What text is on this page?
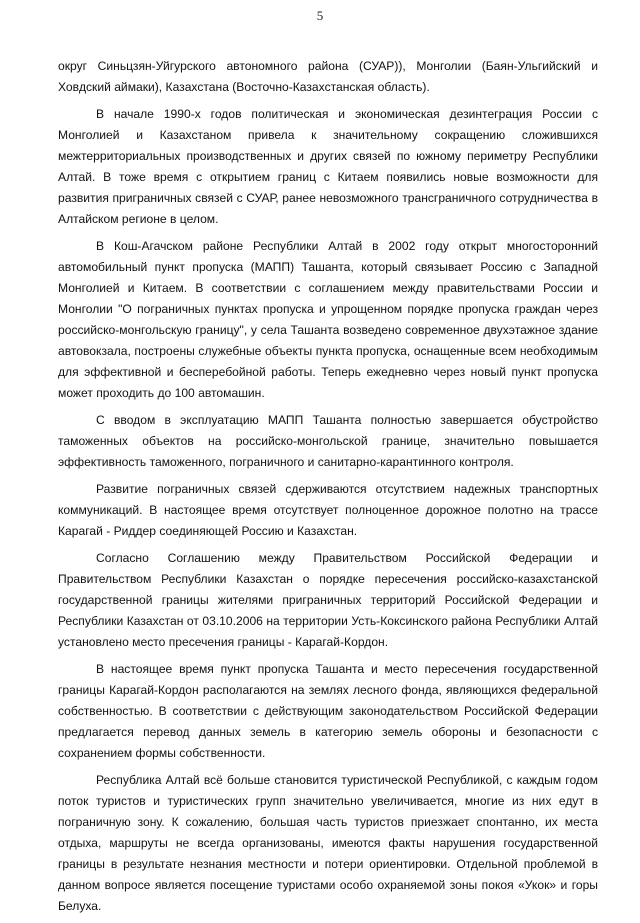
5

округ Синьцзян-Уйгурского автономного района (СУАР)), Монголии (Баян-Ульгийский и Ховдский аймаки), Казахстана (Восточно-Казахстанская область).

В начале 1990-х годов политическая и экономическая дезинтеграция России с Монголией и Казахстаном привела к значительному сокращению сложившихся межтерриториальных производственных и других связей по южному периметру Республики Алтай. В тоже время с открытием границ с Китаем появились новые возможности для развития приграничных связей с СУАР, ранее невозможного трансграничного сотрудничества в Алтайском регионе в целом.

В Кош-Агачском районе Республики Алтай в 2002 году открыт многосторонний автомобильный пункт пропуска (МАПП) Ташанта, который связывает Россию с Западной Монголией и Китаем. В соответствии с соглашением между правительствами России и Монголии "О пограничных пунктах пропуска и упрощенном порядке пропуска граждан через российско-монгольскую границу", у села Ташанта возведено современное двухэтажное здание автовокзала, построены служебные объекты пункта пропуска, оснащенные всем необходимым для эффективной и бесперебойной работы. Теперь ежедневно через новый пункт пропуска может проходить до 100 автомашин.

С вводом в эксплуатацию МАПП Ташанта полностью завершается обустройство таможенных объектов на российско-монгольской границе, значительно повышается эффективность таможенного, пограничного и санитарно-карантинного контроля.

Развитие пограничных связей сдерживаются отсутствием надежных транспортных коммуникаций. В настоящее время отсутствует полноценное дорожное полотно на трассе Карагай - Риддер соединяющей Россию и Казахстан.

Согласно Соглашению между Правительством Российской Федерации и Правительством Республики Казахстан о порядке пересечения российско-казахстанской государственной границы жителями приграничных территорий Российской Федерации и Республики Казахстан от 03.10.2006 на территории Усть-Коксинского района Республики Алтай установлено место пресечения границы - Карагай-Кордон.

В настоящее время пункт пропуска Ташанта и место пересечения государственной границы Карагай-Кордон располагаются на землях лесного фонда, являющихся федеральной собственностью. В соответствии с действующим законодательством Российской Федерации предлагается перевод данных земель в категорию земель обороны и безопасности с сохранением формы собственности.

Республика Алтай всё больше становится туристической Республикой, с каждым годом поток туристов и туристических групп значительно увеличивается, многие из них едут в пограничную зону. К сожалению, большая часть туристов приезжает спонтанно, их места отдыха, маршруты не всегда организованы, имеются факты нарушения государственной границы в результате незнания местности и потери ориентировки. Отдельной проблемой в данном вопросе является посещение туристами особо охраняемой зоны покоя «Укок» и горы Белуха.
